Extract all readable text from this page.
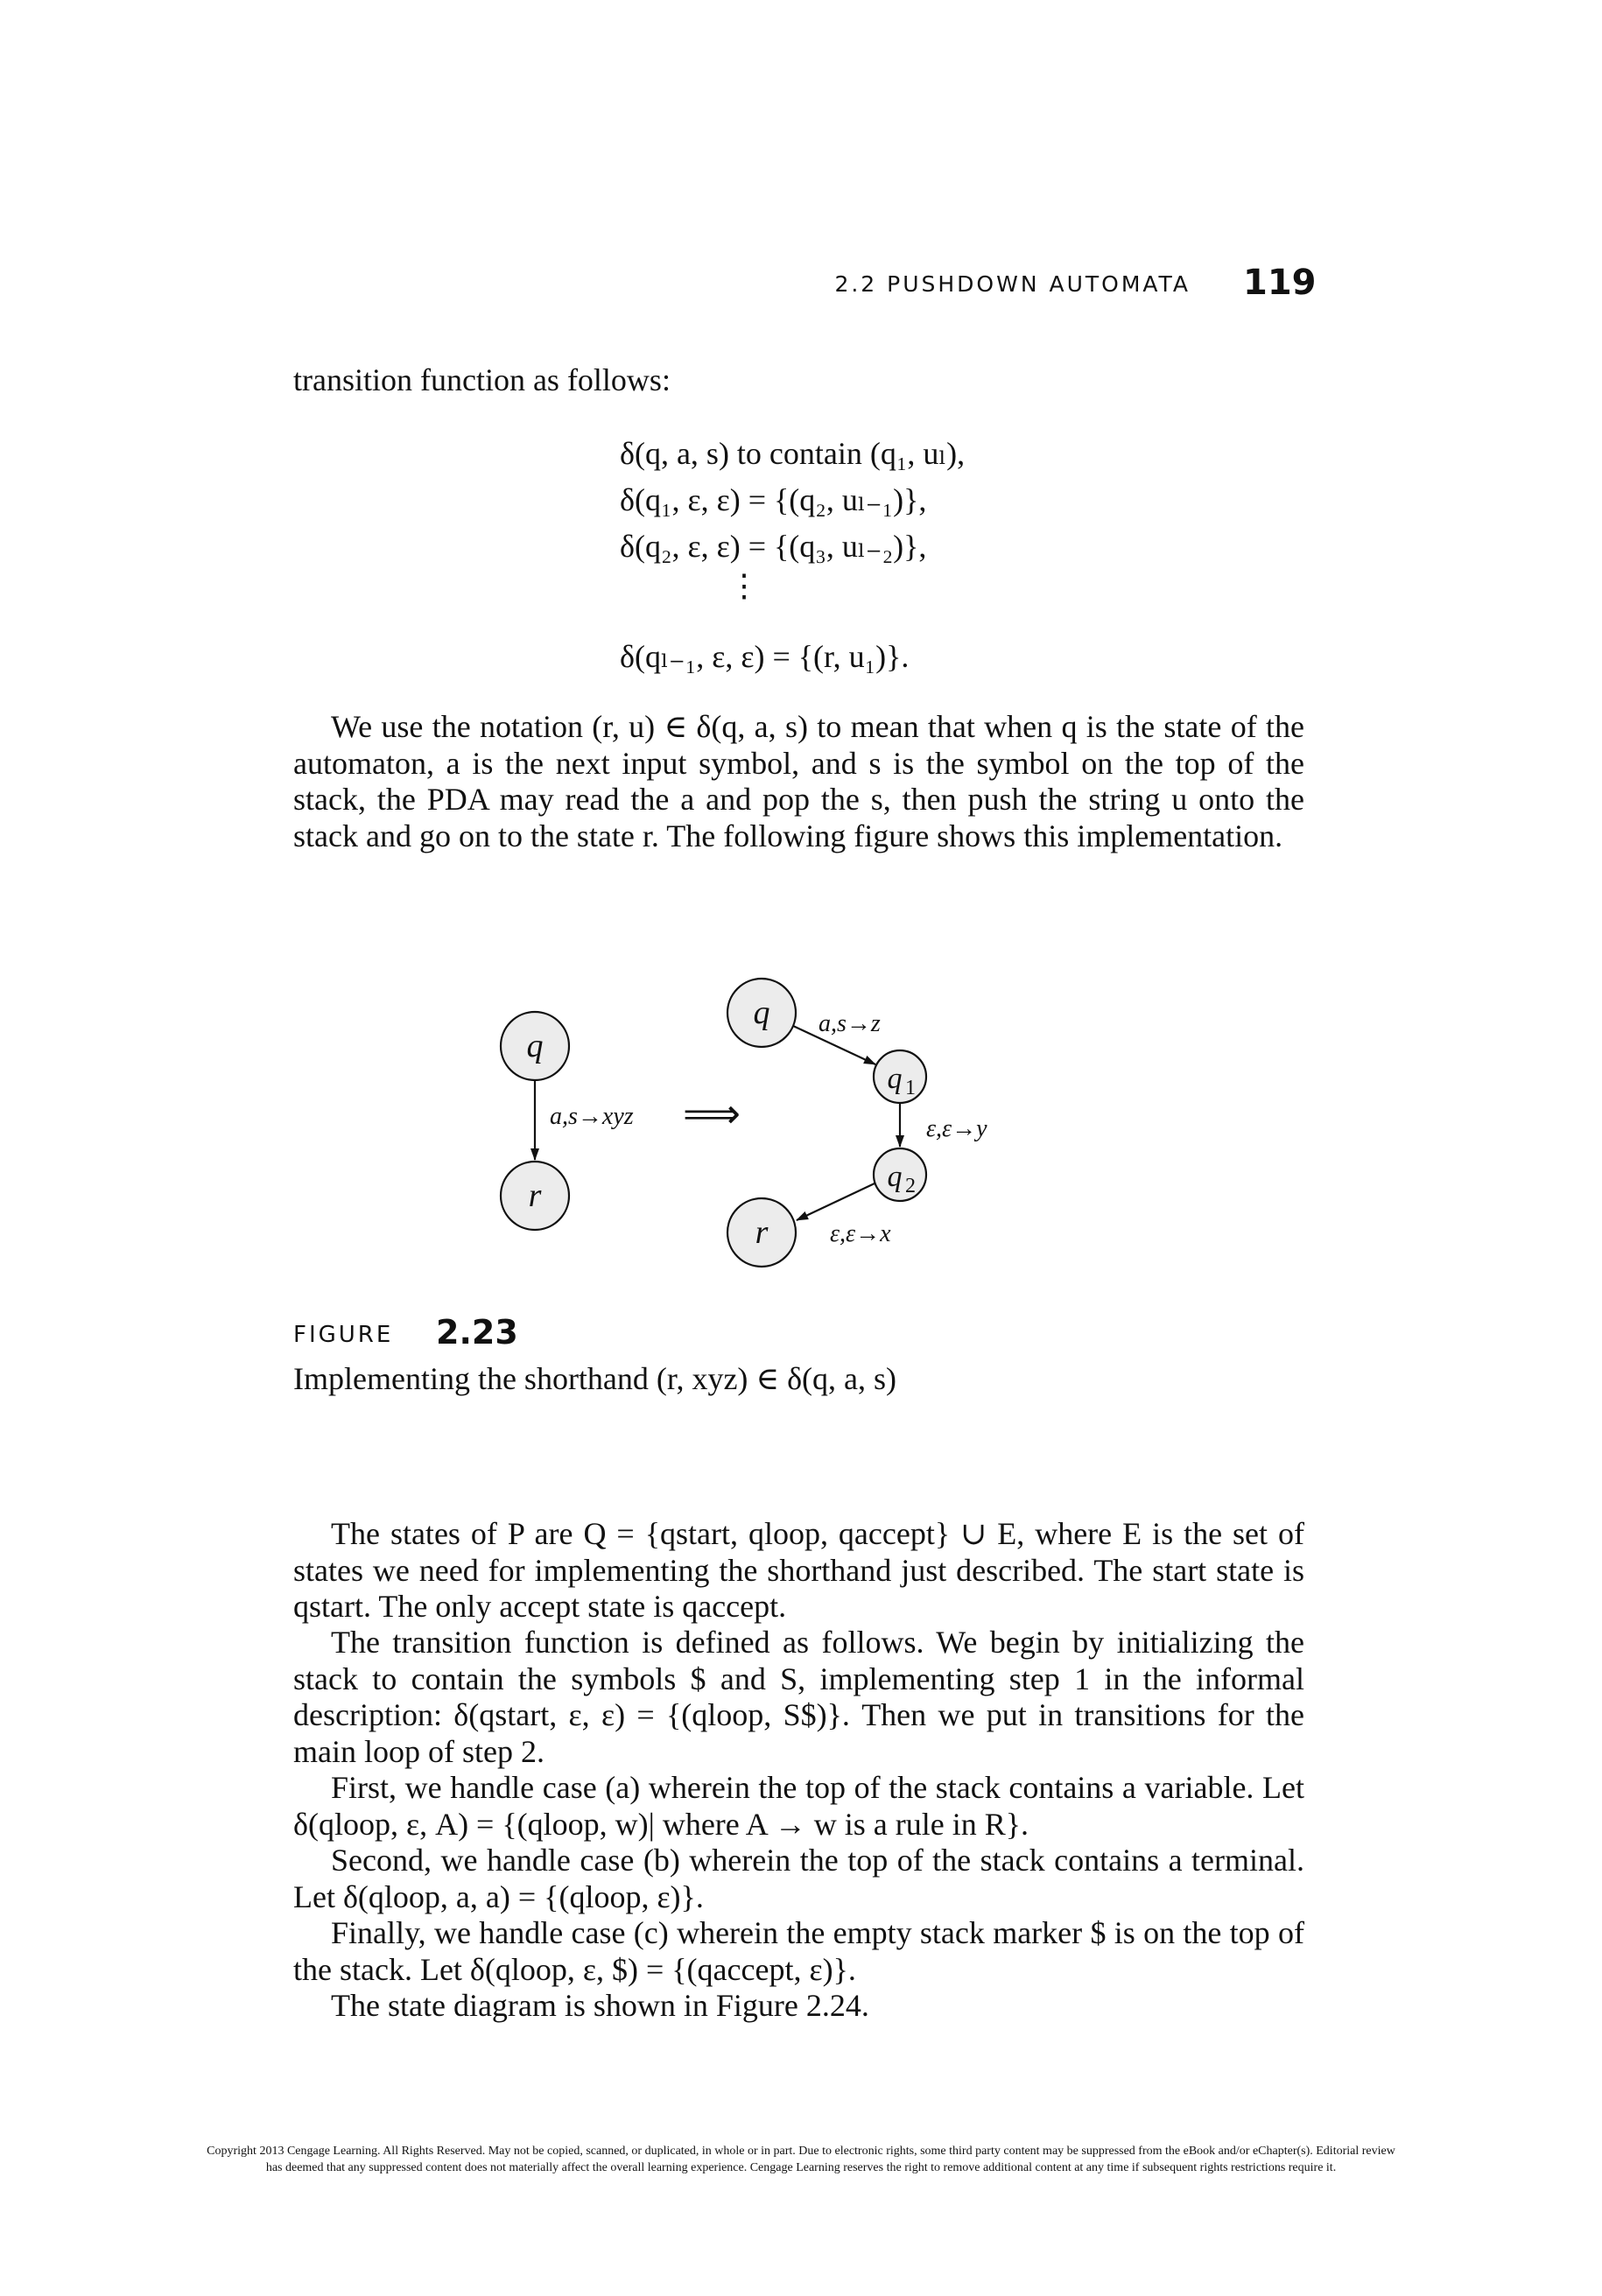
2.2 PUSHDOWN AUTOMATA 119
transition function as follows:
δ(q, a, s) to contain (q₁, uₗ),
δ(q₁, ε, ε) = {(q₂, uₗ₋₁)},
δ(q₂, ε, ε) = {(q₃, uₗ₋₂)},
⋮
δ(qₗ₋₁, ε, ε) = {(r, u₁)}.
We use the notation (r, u) ∈ δ(q, a, s) to mean that when q is the state of the automaton, a is the next input symbol, and s is the symbol on the top of the stack, the PDA may read the a and pop the s, then push the string u onto the stack and go on to the state r. The following figure shows this implementation.
q
r
q
q
q
r
1
2
a,s→xyz
a,s→z
ε,ε→y
ε,ε→x
⟹
FIGURE 2.23
Implementing the shorthand (r, xyz) ∈ δ(q, a, s)
The states of P are Q = {qstart, qloop, qaccept} ∪ E, where E is the set of states we need for implementing the shorthand just described. The start state is qstart. The only accept state is qaccept.
The transition function is defined as follows. We begin by initializing the stack to contain the symbols $ and S, implementing step 1 in the informal description: δ(qstart, ε, ε) = {(qloop, S$)}. Then we put in transitions for the main loop of step 2.
First, we handle case (a) wherein the top of the stack contains a variable. Let δ(qloop, ε, A) = {(qloop, w)| where A → w is a rule in R}.
Second, we handle case (b) wherein the top of the stack contains a terminal. Let δ(qloop, a, a) = {(qloop, ε)}.
Finally, we handle case (c) wherein the empty stack marker $ is on the top of the stack. Let δ(qloop, ε, $) = {(qaccept, ε)}.
The state diagram is shown in Figure 2.24.
Copyright 2013 Cengage Learning. All Rights Reserved. May not be copied, scanned, or duplicated, in whole or in part. Due to electronic rights, some third party content may be suppressed from the eBook and/or eChapter(s). Editorial review has deemed that any suppressed content does not materially affect the overall learning experience. Cengage Learning reserves the right to remove additional content at any time if subsequent rights restrictions require it.
